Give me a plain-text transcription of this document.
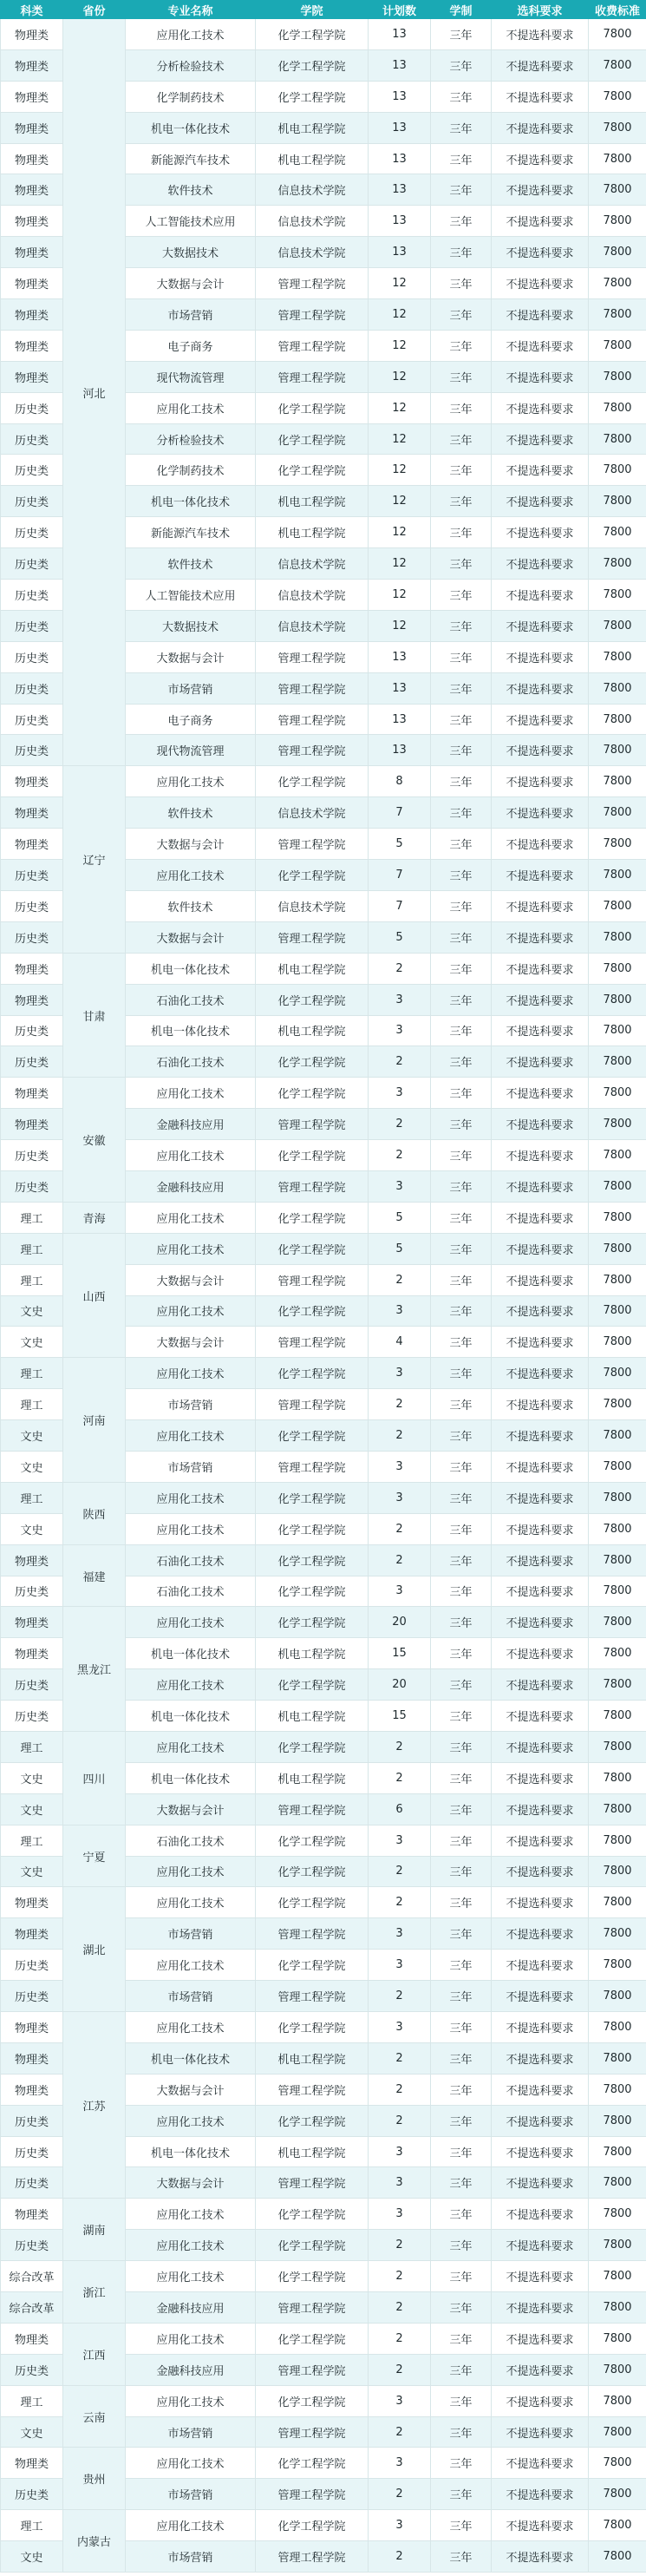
科类	省份	专业名称	学院	计划数	学制	选科要求	收费标准
物理类	河北	应用化工技术	化学工程学院	13	三年	不提选科要求	7800
物理类		分析检验技术	化学工程学院	13	三年	不提选科要求	7800
物理类		化学制药技术	化学工程学院	13	三年	不提选科要求	7800
物理类		机电一体化技术	机电工程学院	13	三年	不提选科要求	7800
物理类		新能源汽车技术	机电工程学院	13	三年	不提选科要求	7800
物理类		软件技术	信息技术学院	13	三年	不提选科要求	7800
物理类		人工智能技术应用	信息技术学院	13	三年	不提选科要求	7800
物理类		大数据技术	信息技术学院	13	三年	不提选科要求	7800
物理类		大数据与会计	管理工程学院	12	三年	不提选科要求	7800
物理类		市场营销	管理工程学院	12	三年	不提选科要求	7800
物理类		电子商务	管理工程学院	12	三年	不提选科要求	7800
物理类		现代物流管理	管理工程学院	12	三年	不提选科要求	7800
历史类		应用化工技术	化学工程学院	12	三年	不提选科要求	7800
历史类		分析检验技术	化学工程学院	12	三年	不提选科要求	7800
历史类		化学制药技术	化学工程学院	12	三年	不提选科要求	7800
历史类		机电一体化技术	机电工程学院	12	三年	不提选科要求	7800
历史类		新能源汽车技术	机电工程学院	12	三年	不提选科要求	7800
历史类		软件技术	信息技术学院	12	三年	不提选科要求	7800
历史类		人工智能技术应用	信息技术学院	12	三年	不提选科要求	7800
历史类		大数据技术	信息技术学院	12	三年	不提选科要求	7800
历史类		大数据与会计	管理工程学院	13	三年	不提选科要求	7800
历史类		市场营销	管理工程学院	13	三年	不提选科要求	7800
历史类		电子商务	管理工程学院	13	三年	不提选科要求	7800
历史类		现代物流管理	管理工程学院	13	三年	不提选科要求	7800
物理类	辽宁	应用化工技术	化学工程学院	8	三年	不提选科要求	7800
物理类		软件技术	信息技术学院	7	三年	不提选科要求	7800
物理类		大数据与会计	管理工程学院	5	三年	不提选科要求	7800
历史类		应用化工技术	化学工程学院	7	三年	不提选科要求	7800
历史类		软件技术	信息技术学院	7	三年	不提选科要求	7800
历史类		大数据与会计	管理工程学院	5	三年	不提选科要求	7800
物理类	甘肃	机电一体化技术	机电工程学院	2	三年	不提选科要求	7800
物理类		石油化工技术	化学工程学院	3	三年	不提选科要求	7800
历史类		机电一体化技术	机电工程学院	3	三年	不提选科要求	7800
历史类		石油化工技术	化学工程学院	2	三年	不提选科要求	7800
物理类	安徽	应用化工技术	化学工程学院	3	三年	不提选科要求	7800
物理类		金融科技应用	管理工程学院	2	三年	不提选科要求	7800
历史类		应用化工技术	化学工程学院	2	三年	不提选科要求	7800
历史类		金融科技应用	管理工程学院	3	三年	不提选科要求	7800
理工	青海	应用化工技术	化学工程学院	5	三年	不提选科要求	7800
理工	山西	应用化工技术	化学工程学院	5	三年	不提选科要求	7800
理工		大数据与会计	管理工程学院	2	三年	不提选科要求	7800
文史		应用化工技术	化学工程学院	3	三年	不提选科要求	7800
文史		大数据与会计	管理工程学院	4	三年	不提选科要求	7800
理工	河南	应用化工技术	化学工程学院	3	三年	不提选科要求	7800
理工		市场营销	管理工程学院	2	三年	不提选科要求	7800
文史		应用化工技术	化学工程学院	2	三年	不提选科要求	7800
文史		市场营销	管理工程学院	3	三年	不提选科要求	7800
理工	陕西	应用化工技术	化学工程学院	3	三年	不提选科要求	7800
文史		应用化工技术	化学工程学院	2	三年	不提选科要求	7800
物理类	福建	石油化工技术	化学工程学院	2	三年	不提选科要求	7800
历史类		石油化工技术	化学工程学院	3	三年	不提选科要求	7800
物理类	黑龙江	应用化工技术	化学工程学院	20	三年	不提选科要求	7800
物理类		机电一体化技术	机电工程学院	15	三年	不提选科要求	7800
历史类		应用化工技术	化学工程学院	20	三年	不提选科要求	7800
历史类		机电一体化技术	机电工程学院	15	三年	不提选科要求	7800
理工	四川	应用化工技术	化学工程学院	2	三年	不提选科要求	7800
文史		机电一体化技术	机电工程学院	2	三年	不提选科要求	7800
文史		大数据与会计	管理工程学院	6	三年	不提选科要求	7800
理工	宁夏	石油化工技术	化学工程学院	3	三年	不提选科要求	7800
文史		应用化工技术	化学工程学院	2	三年	不提选科要求	7800
物理类	湖北	应用化工技术	化学工程学院	2	三年	不提选科要求	7800
物理类		市场营销	管理工程学院	3	三年	不提选科要求	7800
历史类		应用化工技术	化学工程学院	3	三年	不提选科要求	7800
历史类		市场营销	管理工程学院	2	三年	不提选科要求	7800
物理类	江苏	应用化工技术	化学工程学院	3	三年	不提选科要求	7800
物理类		机电一体化技术	机电工程学院	2	三年	不提选科要求	7800
物理类		大数据与会计	管理工程学院	2	三年	不提选科要求	7800
历史类		应用化工技术	化学工程学院	2	三年	不提选科要求	7800
历史类		机电一体化技术	机电工程学院	3	三年	不提选科要求	7800
历史类		大数据与会计	管理工程学院	3	三年	不提选科要求	7800
物理类	湖南	应用化工技术	化学工程学院	3	三年	不提选科要求	7800
历史类		应用化工技术	化学工程学院	2	三年	不提选科要求	7800
综合改革	浙江	应用化工技术	化学工程学院	2	三年	不提选科要求	7800
综合改革		金融科技应用	管理工程学院	2	三年	不提选科要求	7800
物理类	江西	应用化工技术	化学工程学院	2	三年	不提选科要求	7800
历史类		金融科技应用	管理工程学院	2	三年	不提选科要求	7800
理工	云南	应用化工技术	化学工程学院	3	三年	不提选科要求	7800
文史		市场营销	管理工程学院	2	三年	不提选科要求	7800
物理类	贵州	应用化工技术	化学工程学院	3	三年	不提选科要求	7800
历史类		市场营销	管理工程学院	2	三年	不提选科要求	7800
理工	内蒙古	应用化工技术	化学工程学院	3	三年	不提选科要求	7800
文史		市场营销	管理工程学院	2	三年	不提选科要求	7800
